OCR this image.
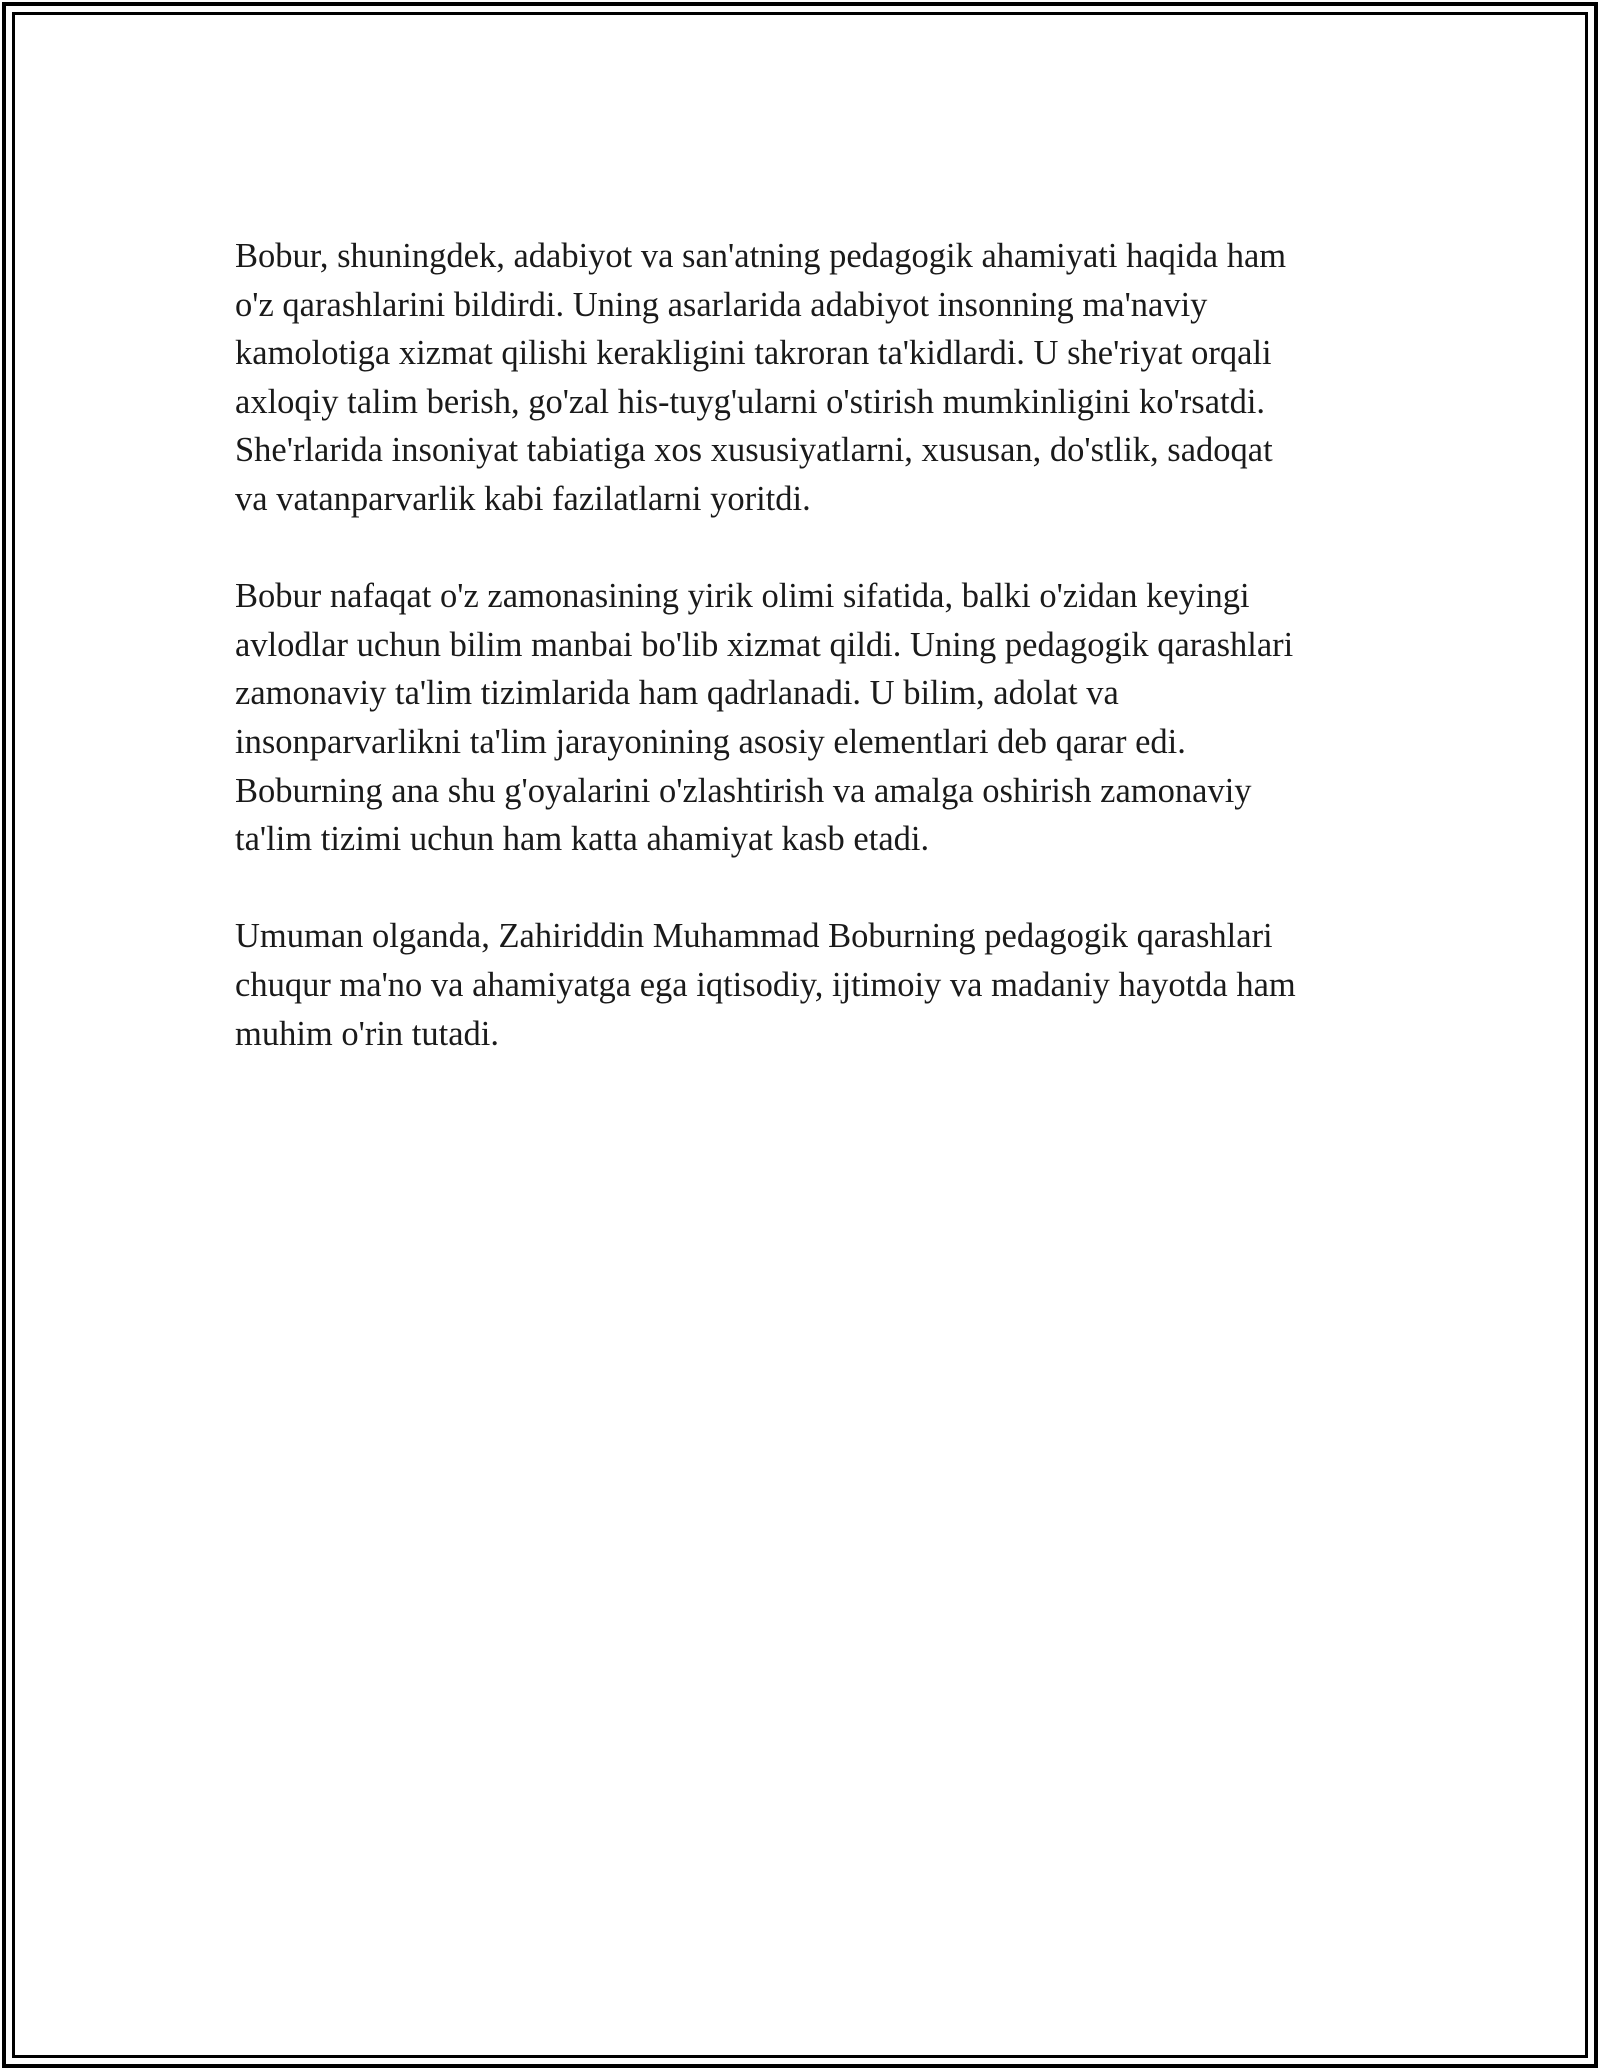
Bobur, shuningdek, adabiyot va san'atning pedagogik ahamiyati haqida ham
o'z qarashlarini bildirdi. Uning asarlarida adabiyot insonning ma'naviy
kamolotiga xizmat qilishi kerakligini takroran ta'kidlardi. U she'riyat orqali
axloqiy talim berish, go'zal his-tuyg'ularni o'stirish mumkinligini ko'rsatdi.
She'rlarida insoniyat tabiatiga xos xususiyatlarni, xususan, do'stlik, sadoqat
va vatanparvarlik kabi fazilatlarni yoritdi.

Bobur nafaqat o'z zamonasining yirik olimi sifatida, balki o'zidan keyingi
avlodlar uchun bilim manbai bo'lib xizmat qildi. Uning pedagogik qarashlari
zamonaviy ta'lim tizimlarida ham qadrlanadi. U bilim, adolat va
insonparvarlikni ta'lim jarayonining asosiy elementlari deb qarar edi.
Boburning ana shu g'oyalarini o'zlashtirish va amalga oshirish zamonaviy
ta'lim tizimi uchun ham katta ahamiyat kasb etadi.

Umuman olganda, Zahiriddin Muhammad Boburning pedagogik qarashlari
chuqur ma'no va ahamiyatga ega iqtisodiy, ijtimoiy va madaniy hayotda ham
muhim o'rin tutadi.
